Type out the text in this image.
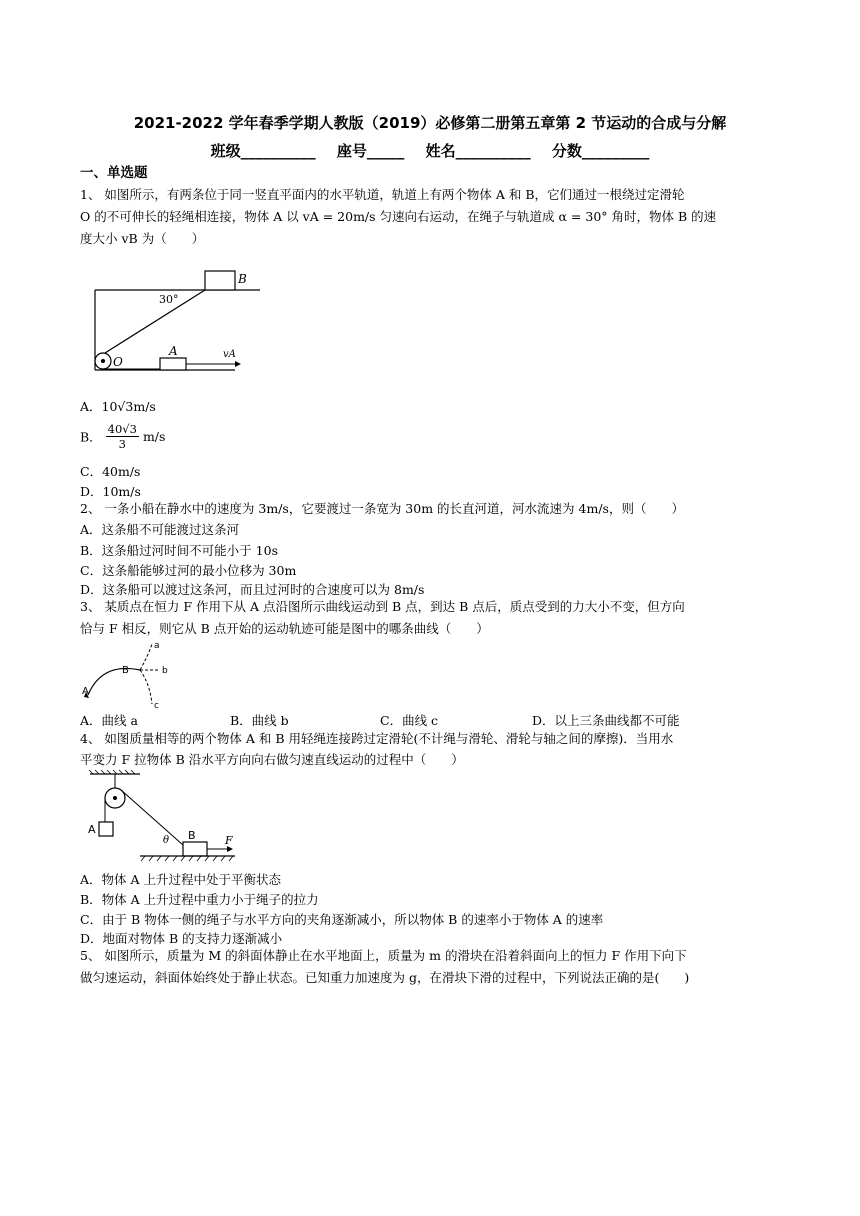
2021-2022 学年春季学期人教版（2019）必修第二册第五章第 2 节运动的合成与分解
班级__________ 座号_____ 姓名__________ 分数_________
一、单选题
1、 如图所示，有两条位于同一竖直平面内的水平轨道，轨道上有两个物体 A 和 B，它们通过一根绕过定滑轮
O 的不可伸长的轻绳相连接，物体 A 以 vA = 20m/s 匀速向右运动，在绳子与轨道成 α = 30° 角时，物体 B 的速
度大小 vB 为（　　）
B
30°
O
A	vA
A．10√3m/s
B． $\frac{40√3}{3} m/s$
C．40m/s
D．10m/s
2、 一条小船在静水中的速度为 3m/s，它要渡过一条宽为 30m 的长直河道，河水流速为 4m/s，则（　　）
A．这条船不可能渡过这条河
B．这条船过河时间不可能小于 10s
C．这条船能够过河的最小位移为 30m
D．这条船可以渡过这条河，而且过河时的合速度可以为 8m/s
3、 某质点在恒力 F 作用下从 A 点沿图所示曲线运动到 B 点，到达 B 点后，质点受到的力大小不变，但方向
恰与 F 相反，则它从 B 点开始的运动轨迹可能是图中的哪条曲线（　　）
A
B
a
b
c
A．曲线 a	B．曲线 b	C．曲线 c	D．以上三条曲线都不可能
4、 如图质量相等的两个物体 A 和 B 用轻绳连接跨过定滑轮(不计绳与滑轮、滑轮与轴之间的摩擦)．当用水
平变力 F 拉物体 B 沿水平方向向右做匀速直线运动的过程中（　　）
A
θ B	F
A．物体 A 上升过程中处于平衡状态
B．物体 A 上升过程中重力小于绳子的拉力
C．由于 B 物体一侧的绳子与水平方向的夹角逐渐减小，所以物体 B 的速率小于物体 A 的速率
D．地面对物体 B 的支持力逐渐减小
5、 如图所示，质量为 M 的斜面体静止在水平地面上，质量为 m 的滑块在沿着斜面向上的恒力 F 作用下向下
做匀速运动，斜面体始终处于静止状态。已知重力加速度为 g，在滑块下滑的过程中，下列说法正确的是(　　)
